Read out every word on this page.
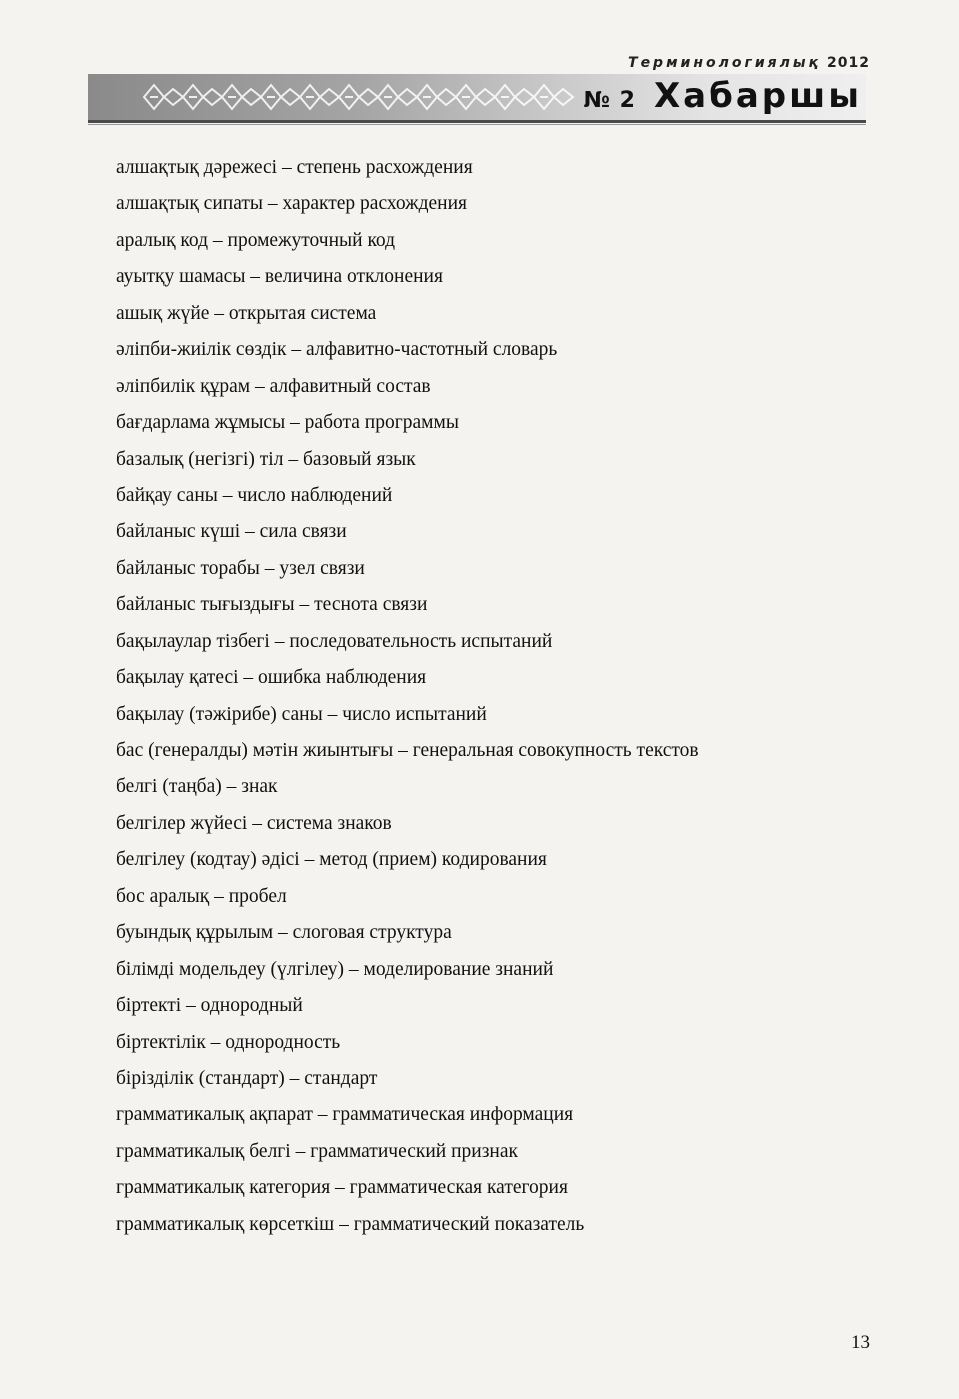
Терминологиялық 2012
№ 2 Хабаршы
алшақтық дәрежесі – степень расхождения
алшақтық сипаты – характер расхождения
аралық код – промежуточный код
ауытқу шамасы – величина отклонения
ашық жүйе – открытая система
әліпби-жиілік сөздік – алфавитно-частотный словарь
әліпбилік құрам – алфавитный состав
бағдарлама жұмысы – работа программы
базалық (негізгі) тіл – базовый язык
байқау саны – число наблюдений
байланыс күші – сила связи
байланыс торабы – узел связи
байланыс тығыздығы – теснота связи
бақылаулар тізбегі – последовательность испытаний
бақылау қатесі – ошибка наблюдения
бақылау (тәжірибе) саны – число испытаний
бас (генералды) мәтін жиынтығы – генеральная совокупность текстов
белгі (таңба) – знак
белгілер жүйесі – система знаков
белгілеу (кодтау) әдісі – метод (прием) кодирования
бос аралық – пробел
буындық құрылым – слоговая структура
білімді модельдеу (үлгілеу) – моделирование знаний
біртекті – однородный
біртектілік – однородность
бірізділік (стандарт) – стандарт
грамматикалық ақпарат – грамматическая информация
грамматикалық белгі – грамматический признак
грамматикалық категория – грамматическая категория
грамматикалық көрсеткіш – грамматический показатель
13
